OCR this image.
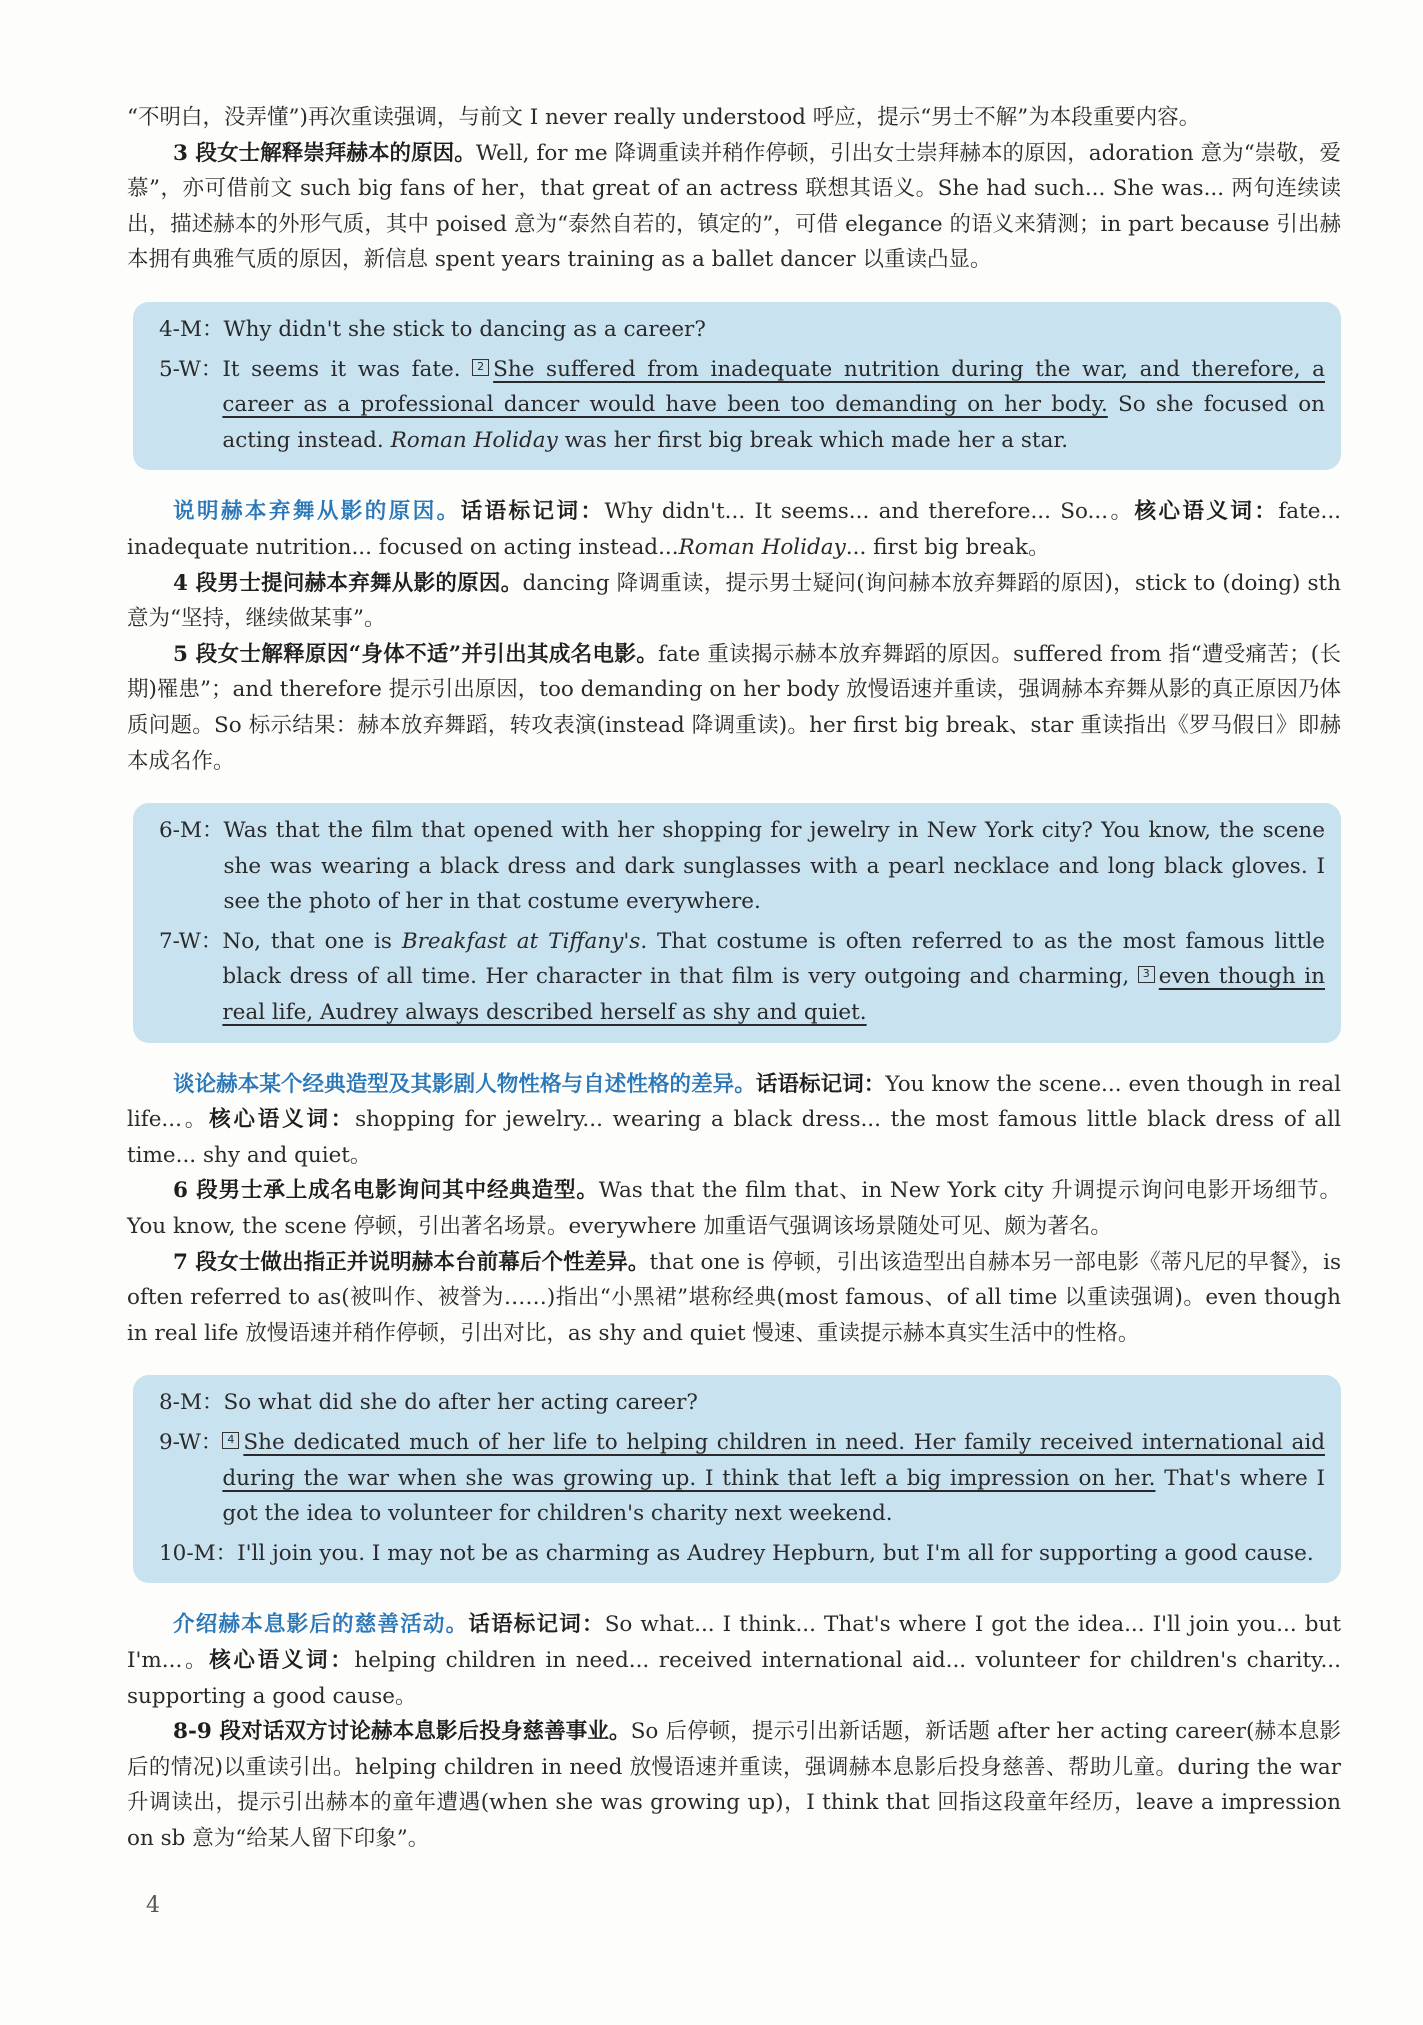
“不明白，没弄懂”)再次重读强调，与前文 I never really understood 呼应，提示“男士不解”为本段重要内容。

3 段女士解释崇拜赫本的原因。Well, for me 降调重读并稍作停顿，引出女士崇拜赫本的原因，adoration 意为“崇敬，爱慕”，亦可借前文 such big fans of her，that great of an actress 联想其语义。She had such... She was... 两句连续读出，描述赫本的外形气质，其中 poised 意为“泰然自若的，镇定的”，可借 elegance 的语义来猜测；in part because 引出赫本拥有典雅气质的原因，新信息 spent years training as a ballet dancer 以重读凸显。

4-M： Why didn't she stick to dancing as a career?
5-W： It seems it was fate. 2 She suffered from inadequate nutrition during the war, and therefore, a career as a professional dancer would have been too demanding on her body. So she focused on acting instead. Roman Holiday was her first big break which made her a star.

说明赫本弃舞从影的原因。话语标记词：Why didn't... It seems... and therefore... So...。核心语义词：fate... inadequate nutrition... focused on acting instead...Roman Holiday... first big break。

4 段男士提问赫本弃舞从影的原因。dancing 降调重读，提示男士疑问(询问赫本放弃舞蹈的原因)，stick to (doing) sth 意为“坚持，继续做某事”。

5 段女士解释原因“身体不适”并引出其成名电影。fate 重读揭示赫本放弃舞蹈的原因。suffered from 指“遭受痛苦；(长期)罹患”；and therefore 提示引出原因，too demanding on her body 放慢语速并重读，强调赫本弃舞从影的真正原因乃体质问题。So 标示结果：赫本放弃舞蹈，转攻表演(instead 降调重读)。her first big break、star 重读指出《罗马假日》即赫本成名作。

6-M： Was that the film that opened with her shopping for jewelry in New York city? You know, the scene she was wearing a black dress and dark sunglasses with a pearl necklace and long black gloves. I see the photo of her in that costume everywhere.
7-W： No, that one is Breakfast at Tiffany's. That costume is often referred to as the most famous little black dress of all time. Her character in that film is very outgoing and charming, 3 even though in real life, Audrey always described herself as shy and quiet.

谈论赫本某个经典造型及其影剧人物性格与自述性格的差异。话语标记词：You know the scene... even though in real life...。核心语义词：shopping for jewelry... wearing a black dress... the most famous little black dress of all time... shy and quiet。

6 段男士承上成名电影询问其中经典造型。Was that the film that、in New York city 升调提示询问电影开场细节。You know, the scene 停顿，引出著名场景。everywhere 加重语气强调该场景随处可见、颇为著名。

7 段女士做出指正并说明赫本台前幕后个性差异。that one is 停顿，引出该造型出自赫本另一部电影《蒂凡尼的早餐》，is often referred to as(被叫作、被誉为……)指出“小黑裙”堪称经典(most famous、of all time 以重读强调)。even though in real life 放慢语速并稍作停顿，引出对比，as shy and quiet 慢速、重读提示赫本真实生活中的性格。

8-M： So what did she do after her acting career?
9-W： 4 She dedicated much of her life to helping children in need. Her family received international aid during the war when she was growing up. I think that left a big impression on her. That's where I got the idea to volunteer for children's charity next weekend.
10-M： I'll join you. I may not be as charming as Audrey Hepburn, but I'm all for supporting a good cause.

介绍赫本息影后的慈善活动。话语标记词：So what... I think... That's where I got the idea... I'll join you... but I'm...。核心语义词：helping children in need... received international aid... volunteer for children's charity... supporting a good cause。

8-9 段对话双方讨论赫本息影后投身慈善事业。So 后停顿，提示引出新话题，新话题 after her acting career(赫本息影后的情况)以重读引出。helping children in need 放慢语速并重读，强调赫本息影后投身慈善、帮助儿童。during the war 升调读出，提示引出赫本的童年遭遇(when she was growing up)，I think that 回指这段童年经历，leave a impression on sb 意为“给某人留下印象”。

4
